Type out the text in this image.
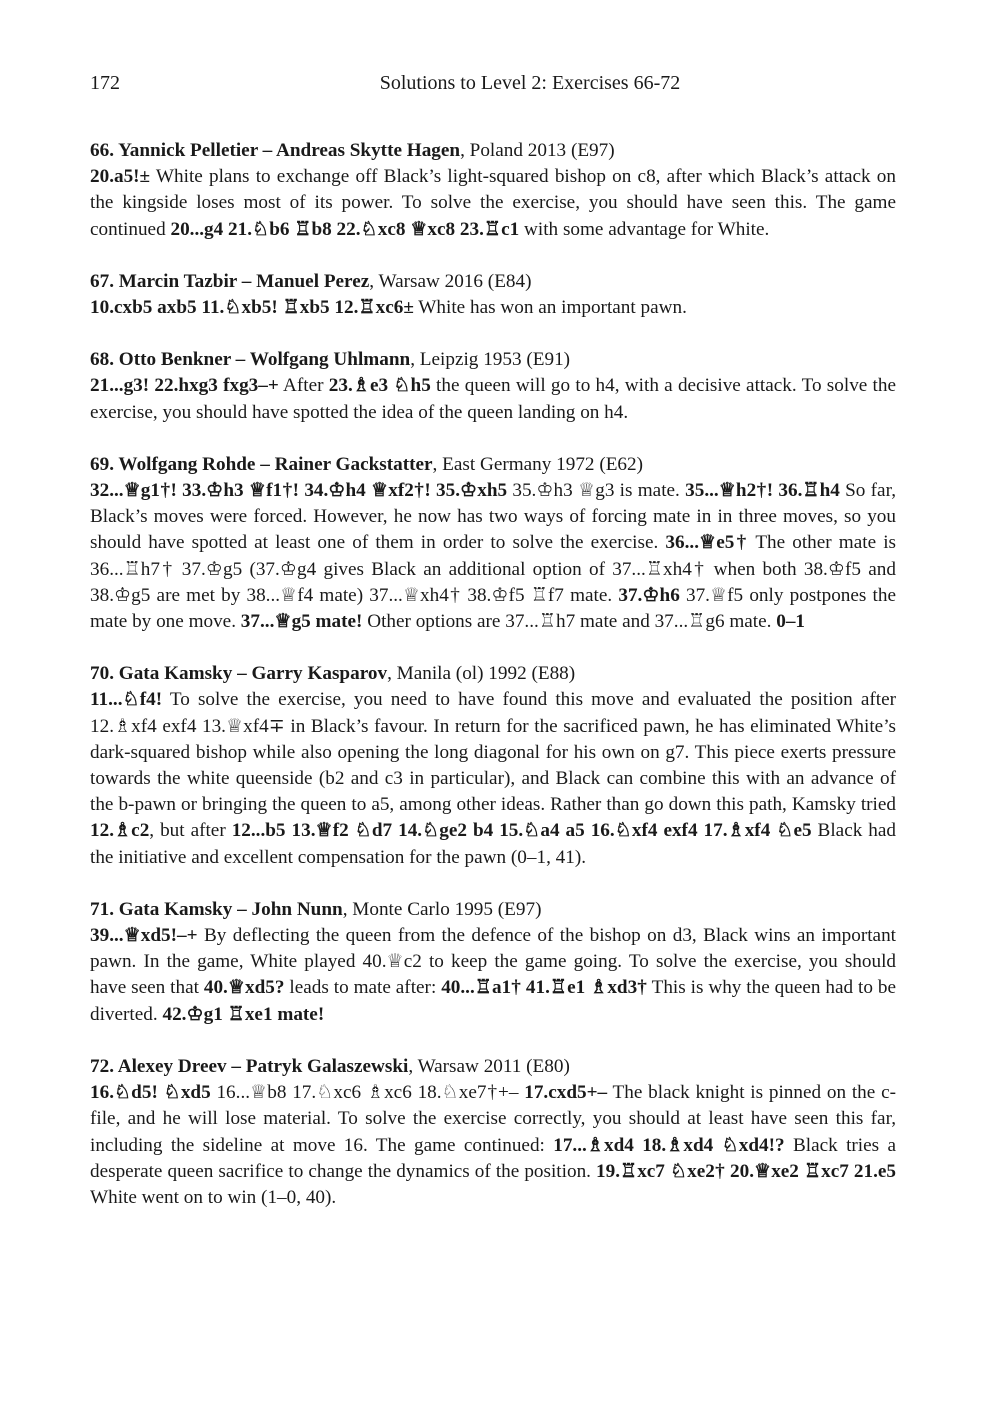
172	Solutions to Level 2: Exercises 66-72

66. Yannick Pelletier – Andreas Skytte Hagen, Poland 2013 (E97)

20.a5!± White plans to exchange off Black’s light-squared bishop on c8, after which Black’s attack on the kingside loses most of its power. To solve the exercise, you should have seen this. The game continued 20...g4 21.♘b6 ♖b8 22.♘xc8 ♕xc8 23.♖c1 with some advantage for White.

67. Marcin Tazbir – Manuel Perez, Warsaw 2016 (E84)

10.cxb5 axb5 11.♘xb5! ♖xb5 12.♖xc6± White has won an important pawn.

68. Otto Benkner – Wolfgang Uhlmann, Leipzig 1953 (E91)

21...g3! 22.hxg3 fxg3–+ After 23.♗e3 ♘h5 the queen will go to h4, with a decisive attack. To solve the exercise, you should have spotted the idea of the queen landing on h4.

69. Wolfgang Rohde – Rainer Gackstatter, East Germany 1972 (E62)

32...♕g1†! 33.♔h3 ♕f1†! 34.♔h4 ♕xf2†! 35.♔xh5 35.♔h3 ♕g3 is mate. 35...♕h2†! 36.♖h4 So far, Black’s moves were forced. However, he now has two ways of forcing mate in in three moves, so you should have spotted at least one of them in order to solve the exercise. 36...♕e5† The other mate is 36...♖h7† 37.♔g5 (37.♔g4 gives Black an additional option of 37...♖xh4† when both 38.♔f5 and 38.♔g5 are met by 38...♕f4 mate) 37...♕xh4† 38.♔f5 ♖f7 mate. 37.♔h6 37.♕f5 only postpones the mate by one move. 37...♕g5 mate! Other options are 37...♖h7 mate and 37...♖g6 mate. 0–1

70. Gata Kamsky – Garry Kasparov, Manila (ol) 1992 (E88)

11...♘f4! To solve the exercise, you need to have found this move and evaluated the position after 12.♗xf4 exf4 13.♕xf4∓ in Black’s favour. In return for the sacrificed pawn, he has eliminated White’s dark-squared bishop while also opening the long diagonal for his own on g7. This piece exerts pressure towards the white queenside (b2 and c3 in particular), and Black can combine this with an advance of the b-pawn or bringing the queen to a5, among other ideas. Rather than go down this path, Kamsky tried 12.♗c2, but after 12...b5 13.♕f2 ♘d7 14.♘ge2 b4 15.♘a4 a5 16.♘xf4 exf4 17.♗xf4 ♘e5 Black had the initiative and excellent compensation for the pawn (0–1, 41).

71. Gata Kamsky – John Nunn, Monte Carlo 1995 (E97)

39...♕xd5!–+ By deflecting the queen from the defence of the bishop on d3, Black wins an important pawn. In the game, White played 40.♕c2 to keep the game going. To solve the exercise, you should have seen that 40.♕xd5? leads to mate after: 40...♖a1† 41.♖e1 ♗xd3† This is why the queen had to be diverted. 42.♔g1 ♖xe1 mate!

72. Alexey Dreev – Patryk Galaszewski, Warsaw 2011 (E80)

16.♘d5! ♘xd5 16...♕b8 17.♘xc6 ♗xc6 18.♘xe7†+– 17.cxd5+– The black knight is pinned on the c-file, and he will lose material. To solve the exercise correctly, you should at least have seen this far, including the sideline at move 16. The game continued: 17...♗xd4 18.♗xd4 ♘xd4!? Black tries a desperate queen sacrifice to change the dynamics of the position. 19.♖xc7 ♘xe2† 20.♕xe2 ♖xc7 21.e5 White went on to win (1–0, 40).
